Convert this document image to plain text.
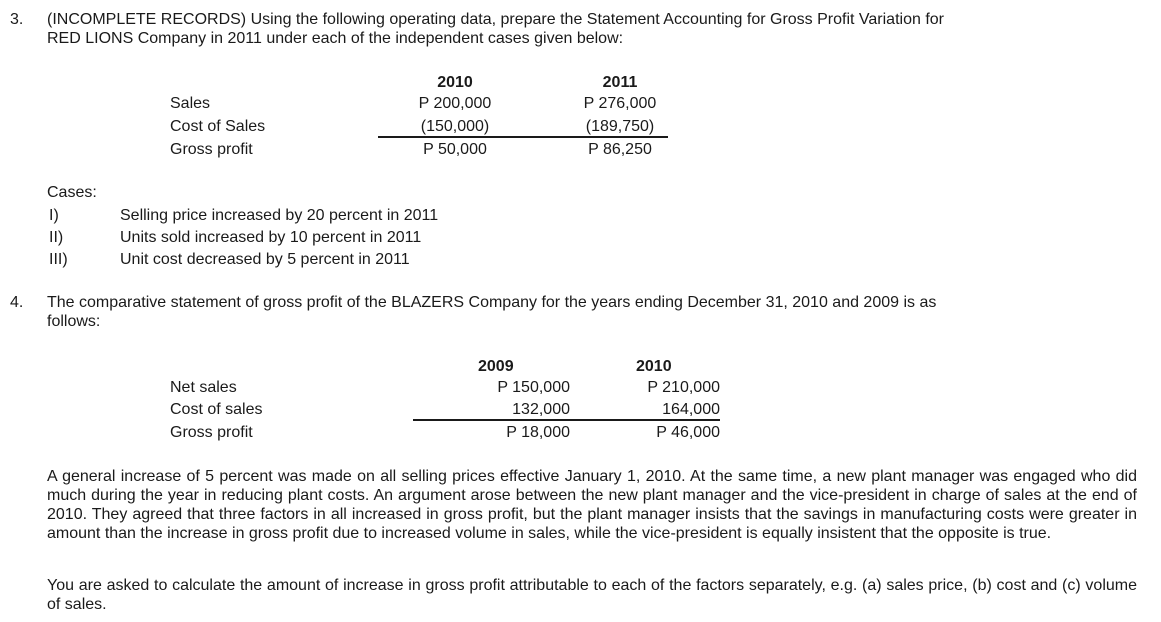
3. (INCOMPLETE RECORDS) Using the following operating data, prepare the Statement Accounting for Gross Profit Variation for
RED LIONS Company in 2011 under each of the independent cases given below:
2010	2011
Sales	P 200,000	P 276,000
Cost of Sales	(150,000)	(189,750)
Gross profit	P 50,000	P 86,250
Cases:
I)	Selling price increased by 20 percent in 2011
II)	Units sold increased by 10 percent in 2011
III)	Unit cost decreased by 5 percent in 2011
4. The comparative statement of gross profit of the BLAZERS Company for the years ending December 31, 2010 and 2009 is as
follows:
2009	2010
Net sales	P 150,000	P 210,000
Cost of sales	132,000	164,000
Gross profit	P 18,000	P 46,000
A general increase of 5 percent was made on all selling prices effective January 1, 2010. At the same time, a new plant manager was engaged who did much during the year in reducing plant costs. An argument arose between the new plant manager and the vice-president in charge of sales at the end of 2010. They agreed that three factors in all increased in gross profit, but the plant manager insists that the savings in manufacturing costs were greater in amount than the increase in gross profit due to increased volume in sales, while the vice-president is equally insistent that the opposite is true.
You are asked to calculate the amount of increase in gross profit attributable to each of the factors separately, e.g. (a) sales price, (b) cost and (c) volume of sales.
